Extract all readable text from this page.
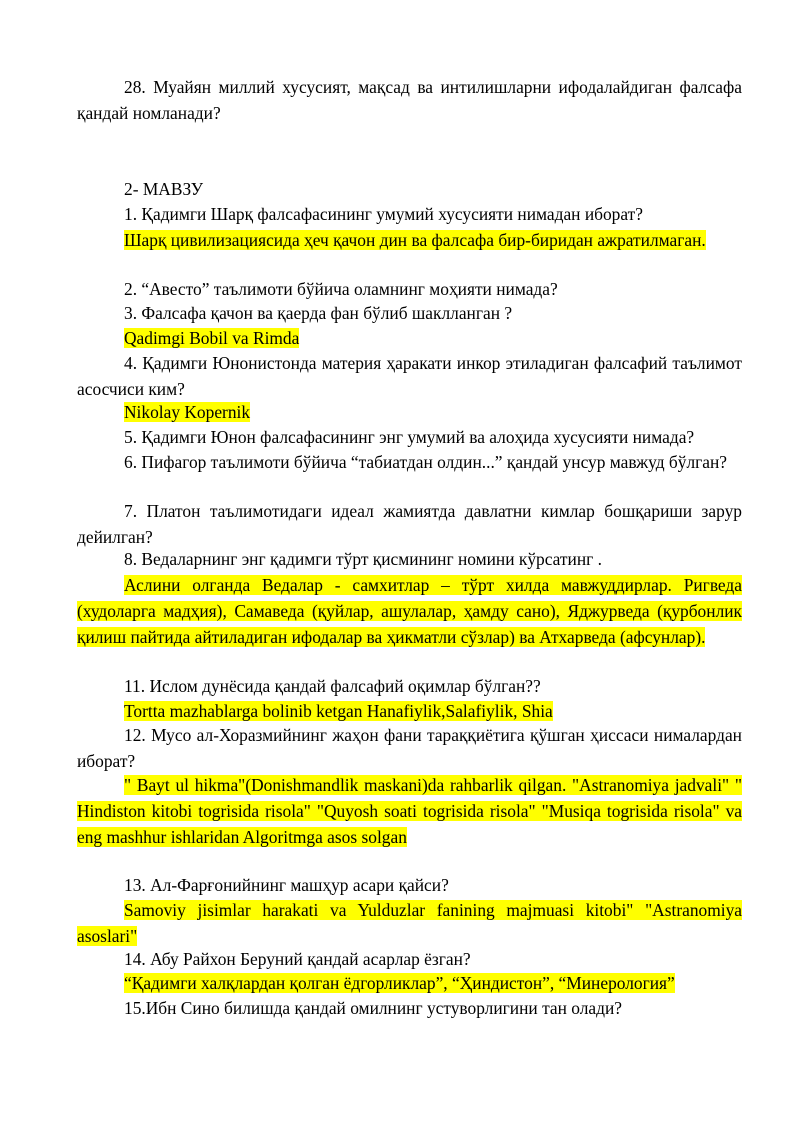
28. Муайян миллий хусусият, мақсад ва интилишларни ифодалайдиган фалсафа қандай номланади?

2- МАВЗУ

1. Қадимги Шарқ фалсафасининг умумий хусусияти нимадан иборат?

Шарқ цивилизациясида ҳеч қачон дин ва фалсафа бир-биридан ажратилмаган.

2. “Авесто” таълимоти бўйича оламнинг моҳияти нимада?

3. Фалсафа қачон ва қаерда фан бўлиб шаклланган ?

Qadimgi Bobil va Rimda

4. Қадимги Юнонистонда материя ҳаракати инкор этиладиган фалсафий таълимот асосчиси ким?

Nikolay Kopernik

5. Қадимги Юнон фалсафасининг энг умумий ва алоҳида хусусияти нимада?

6. Пифагор таълимоти бўйича “табиатдан олдин...” қандай унсур мавжуд бўлган?

7. Платон таълимотидаги идеал жамиятда давлатни кимлар бошқариши зарур дейилган?

8. Ведаларнинг энг қадимги тўрт қисмининг номини кўрсатинг .

Аслини олганда Ведалар - самхитлар – тўрт хилда мавжуддирлар. Ригведа (худоларга мадҳия), Самаведа (қуйлар, ашулалар, ҳамду сано), Яджурведа (қурбонлик қилиш пайтида айтиладиган ифодалар ва ҳикматли сўзлар) ва Атхарведа (афсунлар).

11. Ислом дунёсида қандай фалсафий оқимлар бўлган??

Tortta mazhablarga bolinib ketgan Hanafiylik,Salafiylik, Shia

12. Мусо ал-Хоразмийнинг жаҳон фани тараққиётига қўшган ҳиссаси нималардан иборат?

" Bayt ul hikma"(Donishmandlik maskani)da rahbarlik qilgan. "Astranomiya jadvali" " Hindiston kitobi togrisida risola" "Quyosh soati togrisida risola" "Musiqa togrisida risola" va eng mashhur ishlaridan Algoritmga asos solgan

13. Ал-Фарғонийнинг машҳур асари қайси?

Samoviy jisimlar harakati va Yulduzlar fanining majmuasi kitobi" "Astranomiya asoslari"

14. Абу Райхон Беруний қандай асарлар ёзган?

“Қадимги халқлардан қолган ёдгорликлар”, “Ҳиндистон”, “Минерология”

15.Ибн Сино билишда қандай омилнинг устуворлигини тан олади?
